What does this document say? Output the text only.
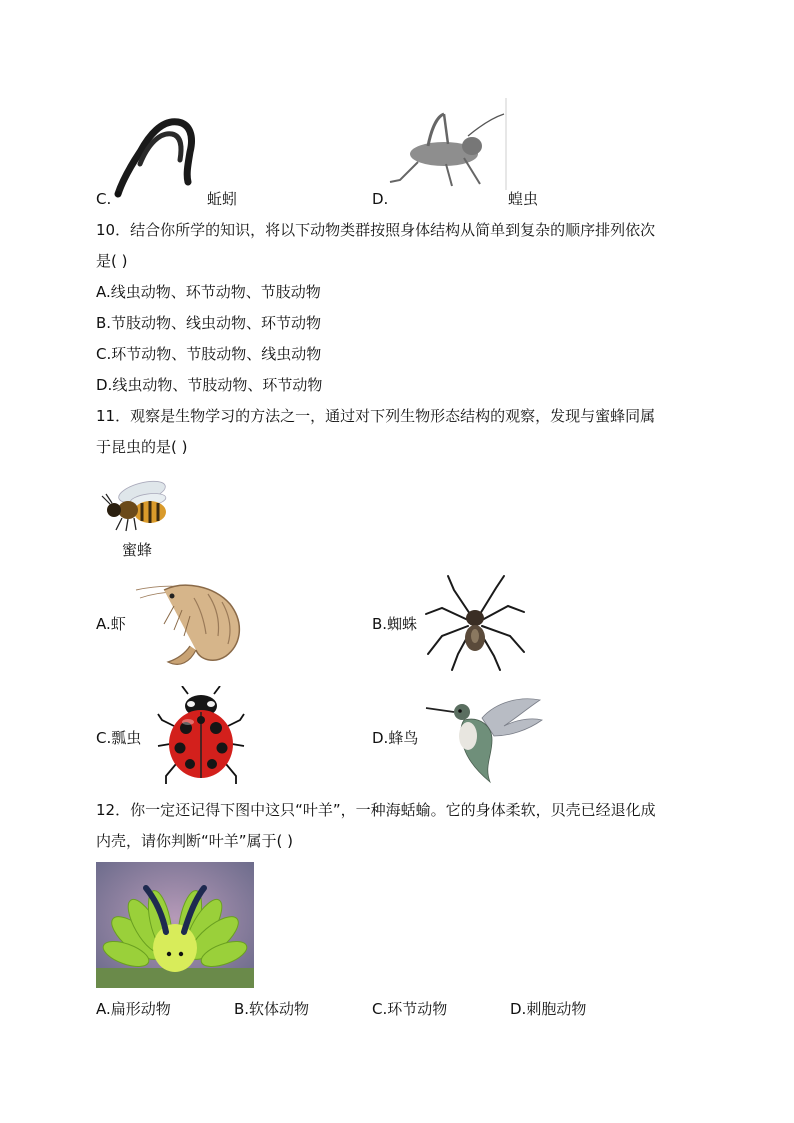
C.	蚯蚓	D.	蝗虫
10．结合你所学的知识，将以下动物类群按照身体结构从简单到复杂的顺序排列依次
是( )
A.线虫动物、环节动物、节肢动物
B.节肢动物、线虫动物、环节动物
C.环节动物、节肢动物、线虫动物
D.线虫动物、节肢动物、环节动物
11．观察是生物学习的方法之一，通过对下列生物形态结构的观察，发现与蜜蜂同属
于昆虫的是( )
蜜蜂
A.虾	B.蜘蛛
C.瓢虫	D.蜂鸟
12．你一定还记得下图中这只“叶羊”，一种海蛞蝓。它的身体柔软，贝壳已经退化成
内壳，请你判断“叶羊”属于( )
A.扁形动物	B.软体动物	C.环节动物	D.刺胞动物
